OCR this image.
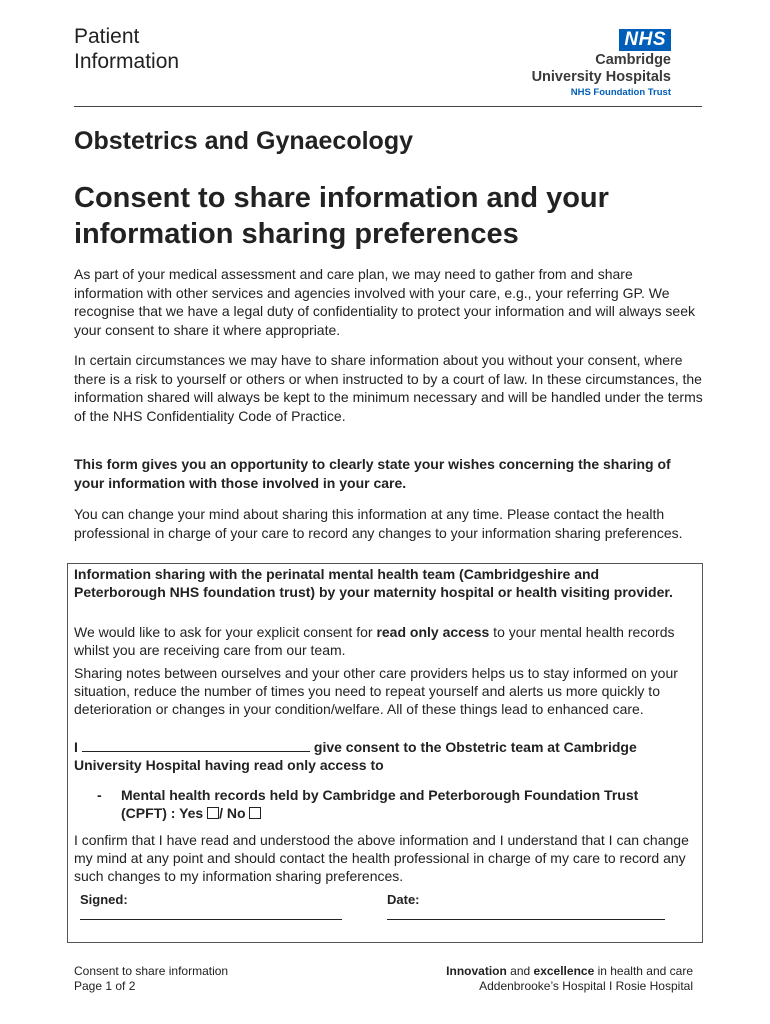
Patient
Information
NHS
Cambridge
University Hospitals
NHS Foundation Trust
Obstetrics and Gynaecology
Consent to share information and your
information sharing preferences
As part of your medical assessment and care plan, we may need to gather from and share information with other services and agencies involved with your care, e.g., your referring GP. We recognise that we have a legal duty of confidentiality to protect your information and will always seek your consent to share it where appropriate.
In certain circumstances we may have to share information about you without your consent, where there is a risk to yourself or others or when instructed to by a court of law. In these circumstances, the information shared will always be kept to the minimum necessary and will be handled under the terms of the NHS Confidentiality Code of Practice.
This form gives you an opportunity to clearly state your wishes concerning the sharing of your information with those involved in your care.
You can change your mind about sharing this information at any time. Please contact the health professional in charge of your care to record any changes to your information sharing preferences.
Information sharing with the perinatal mental health team (Cambridgeshire and Peterborough NHS foundation trust) by your maternity hospital or health visiting provider.
We would like to ask for your explicit consent for read only access to your mental health records whilst you are receiving care from our team.
Sharing notes between ourselves and your other care providers helps us to stay informed on your situation, reduce the number of times you need to repeat yourself and alerts us more quickly to deterioration or changes in your condition/welfare. All of these things lead to enhanced care.
I	give consent to the Obstetric team at Cambridge
University Hospital having read only access to
- Mental health records held by Cambridge and Peterborough Foundation Trust
(CPFT) : Yes / No
I confirm that I have read and understood the above information and I understand that I can change my mind at any point and should contact the health professional in charge of my care to record any such changes to my information sharing preferences.
Signed:	Date:
Consent to share information
Page 1 of 2
Innovation and excellence in health and care
Addenbrooke’s Hospital I Rosie Hospital
